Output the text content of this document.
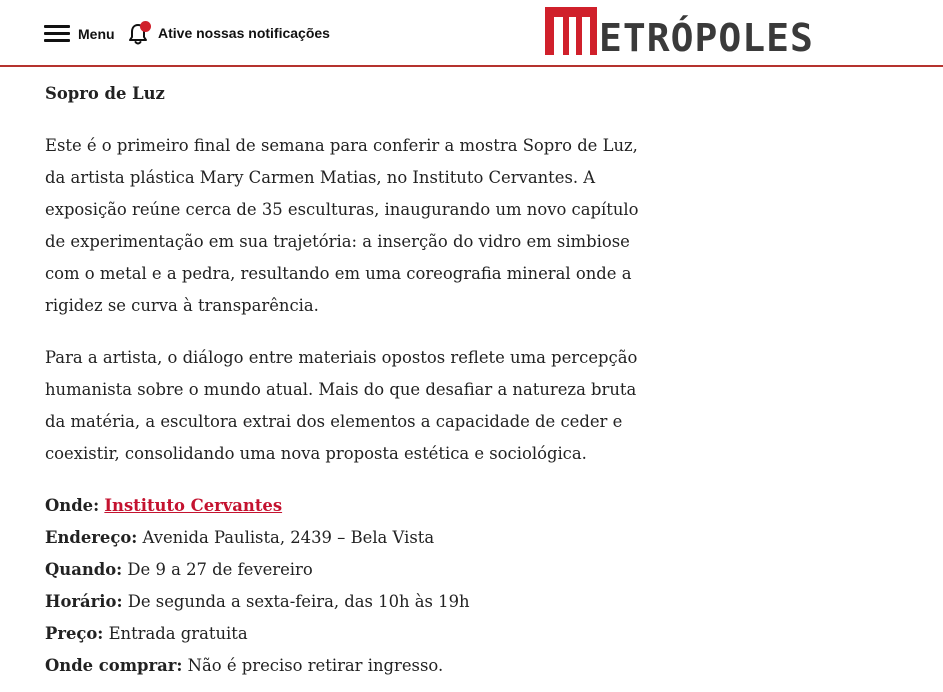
Menu	Ative nossas notificações	ETRÓPOLES
Sopro de Luz

Este é o primeiro final de semana para conferir a mostra Sopro de Luz, da artista plástica Mary Carmen Matias, no Instituto Cervantes. A exposição reúne cerca de 35 esculturas, inaugurando um novo capítulo de experimentação em sua trajetória: a inserção do vidro em simbiose com o metal e a pedra, resultando em uma coreografia mineral onde a rigidez se curva à transparência.

Para a artista, o diálogo entre materiais opostos reflete uma percepção humanista sobre o mundo atual. Mais do que desafiar a natureza bruta da matéria, a escultora extrai dos elementos a capacidade de ceder e coexistir, consolidando uma nova proposta estética e sociológica.

Onde: Instituto Cervantes
Endereço: Avenida Paulista, 2439 – Bela Vista
Quando: De 9 a 27 de fevereiro
Horário: De segunda a sexta-feira, das 10h às 19h
Preço: Entrada gratuita
Onde comprar: Não é preciso retirar ingresso.
